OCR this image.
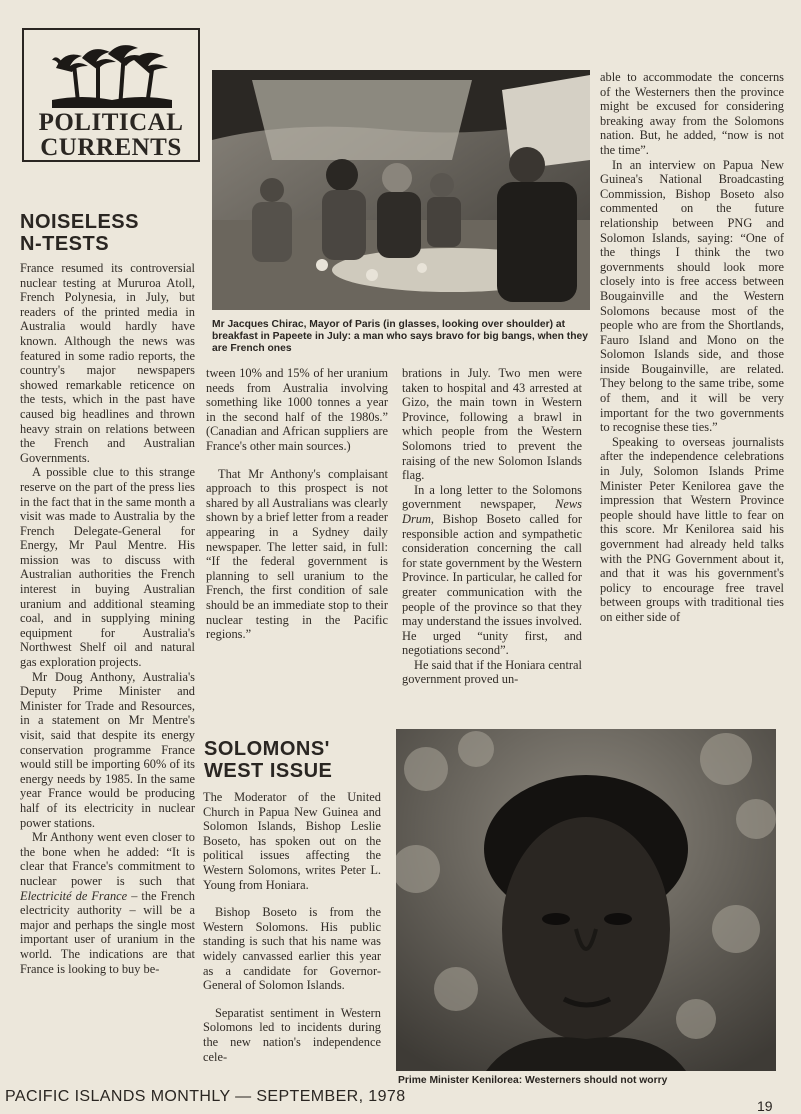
POLITICAL
CURRENTS
NOISELESS
N-TESTS

France resumed its controversial nuclear testing at Mururoa Atoll, French Polynesia, in July, but readers of the printed media in Australia would hardly have known. Although the news was featured in some radio reports, the country's major newspapers showed remarkable reticence on the tests, which in the past have caused big headlines and thrown heavy strain on relations between the French and Australian Governments.

A possible clue to this strange reserve on the part of the press lies in the fact that in the same month a visit was made to Australia by the French Delegate-General for Energy, Mr Paul Mentre. His mission was to discuss with Australian authorities the French interest in buying Australian uranium and additional steaming coal, and in supplying mining equipment for Australia's Northwest Shelf oil and natural gas exploration projects.

Mr Doug Anthony, Australia's Deputy Prime Minister and Minister for Trade and Resources, in a statement on Mr Mentre's visit, said that despite its energy conservation programme France would still be importing 60% of its energy needs by 1985. In the same year France would be producing half of its electricity in nuclear power stations.

Mr Anthony went even closer to the bone when he added: “It is clear that France's commitment to nuclear power is such that Electricité de France – the French electricity authority – will be a major and perhaps the single most important user of uranium in the world. The indications are that France is looking to buy be-

Mr Jacques Chirac, Mayor of Paris (in glasses, looking over shoulder) at breakfast in Papeete in July: a man who says bravo for big bangs, when they are French ones

tween 10% and 15% of her uranium needs from Australia involving something like 1000 tonnes a year in the second half of the 1980s.” (Canadian and African suppliers are France's other main sources.)

That Mr Anthony's complaisant approach to this prospect is not shared by all Australians was clearly shown by a brief letter from a reader appearing in a Sydney daily newspaper. The letter said, in full: “If the federal government is planning to sell uranium to the French, the first condition of sale should be an immediate stop to their nuclear testing in the Pacific regions.”

SOLOMONS'
WEST ISSUE

The Moderator of the United Church in Papua New Guinea and Solomon Islands, Bishop Leslie Boseto, has spoken out on the political issues affecting the Western Solomons, writes Peter L. Young from Honiara.

Bishop Boseto is from the Western Solomons. His public standing is such that his name was widely canvassed earlier this year as a candidate for Governor-General of Solomon Islands.

Separatist sentiment in Western Solomons led to incidents during the new nation's independence cele-

brations in July. Two men were taken to hospital and 43 arrested at Gizo, the main town in Western Province, following a brawl in which people from the Western Solomons tried to prevent the raising of the new Solomon Islands flag.

In a long letter to the Solomons government newspaper, News Drum, Bishop Boseto called for responsible action and sympathetic consideration concerning the call for state government by the Western Province. In particular, he called for greater communication with the people of the province so that they may understand the issues involved. He urged “unity first, and negotiations second”.

He said that if the Honiara central government proved un-

able to accommodate the concerns of the Westerners then the province might be excused for considering breaking away from the Solomons nation. But, he added, “now is not the time”.

In an interview on Papua New Guinea's National Broadcasting Commission, Bishop Boseto also commented on the future relationship between PNG and Solomon Islands, saying: “One of the things I think the two governments should look more closely into is free access between Bougainville and the Western Solomons because most of the people who are from the Shortlands, Fauro Island and Mono on the Solomon Islands side, and those inside Bougainville, are related. They belong to the same tribe, some of them, and it will be very important for the two governments to recognise these ties.”

Speaking to overseas journalists after the independence celebrations in July, Solomon Islands Prime Minister Peter Kenilorea gave the impression that Western Province people should have little to fear on this score. Mr Kenilorea said his government had already held talks with the PNG Government about it, and that it was his government's policy to encourage free travel between groups with traditional ties on either side of

Prime Minister Kenilorea: Westerners should not worry
PACIFIC ISLANDS MONTHLY — SEPTEMBER, 1978
19
